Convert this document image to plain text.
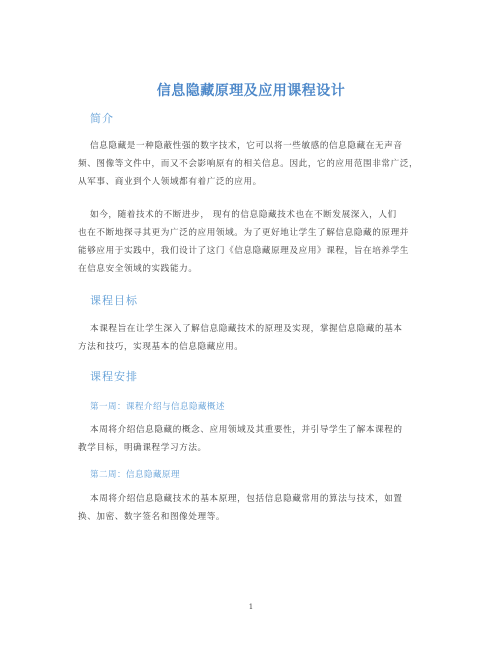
信息隐藏原理及应用课程设计
简介
信息隐藏是一种隐蔽性强的数字技术，它可以将一些敏感的信息隐藏在无声音
频、图像等文件中，而又不会影响原有的相关信息。因此，它的应用范围非常广泛，
从军事、商业到个人领域都有着广泛的应用。
如今，随着技术的不断进步， 现有的信息隐藏技术也在不断发展深入，人们
也在不断地探寻其更为广泛的应用领域。为了更好地让学生了解信息隐藏的原理并
能够应用于实践中，我们设计了这门《信息隐藏原理及应用》课程，旨在培养学生
在信息安全领域的实践能力。
课程目标
本课程旨在让学生深入了解信息隐藏技术的原理及实现，掌握信息隐藏的基本
方法和技巧，实现基本的信息隐藏应用。
课程安排
第一周：课程介绍与信息隐藏概述
本周将介绍信息隐藏的概念、应用领域及其重要性，并引导学生了解本课程的
教学目标，明确课程学习方法。
第二周：信息隐藏原理
本周将介绍信息隐藏技术的基本原理，包括信息隐藏常用的算法与技术，如置
换、加密、数字签名和图像处理等。
1
